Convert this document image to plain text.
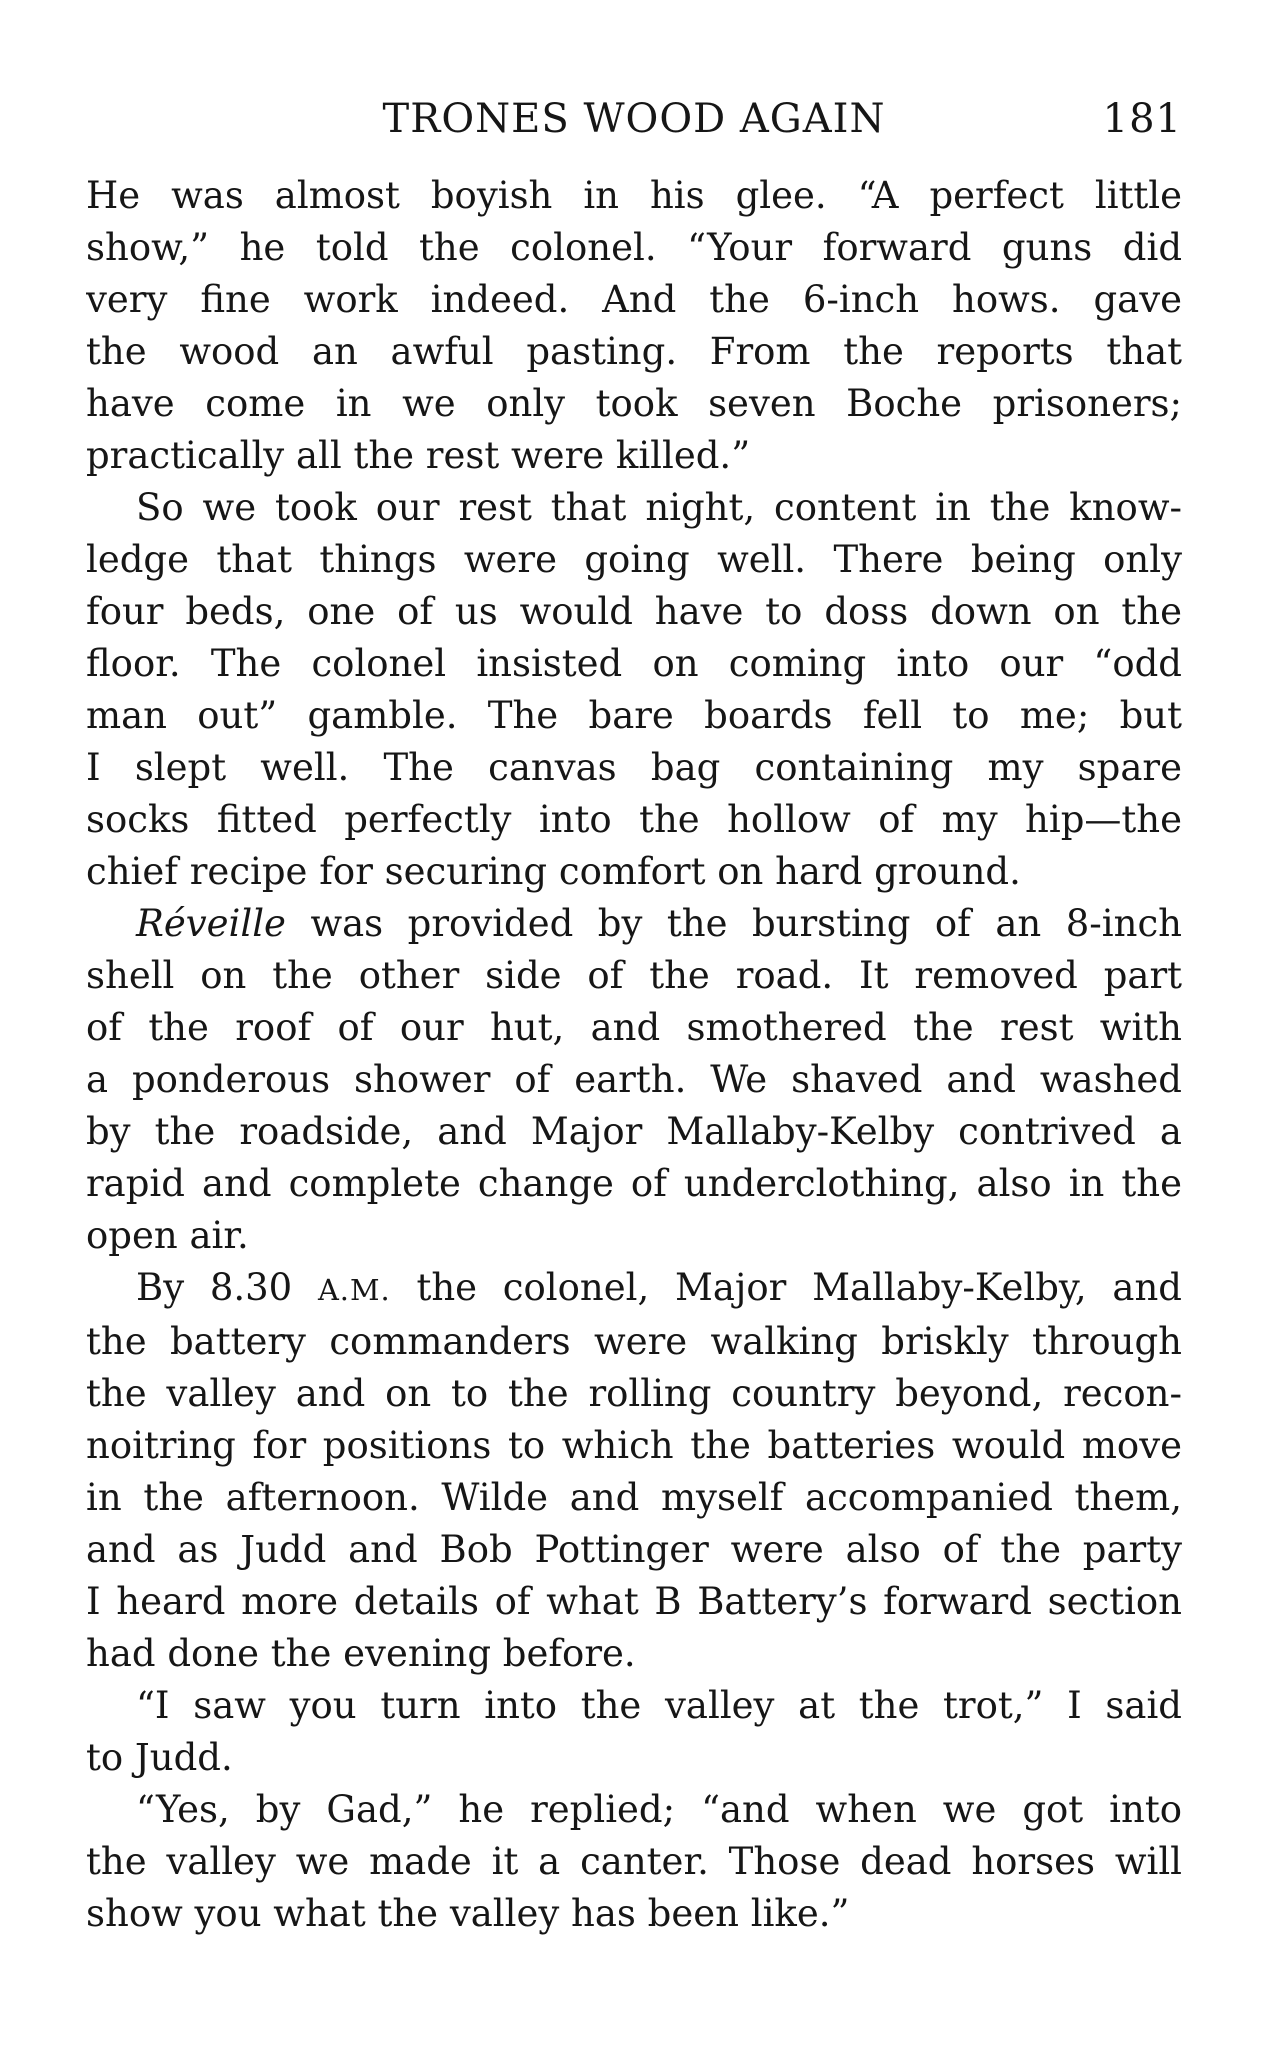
TRONES WOOD AGAIN	181
He was almost boyish in his glee. “A perfect little
show,” he told the colonel. “Your forward guns did
very fine work indeed. And the 6-inch hows. gave
the wood an awful pasting. From the reports that
have come in we only took seven Boche prisoners;
practically all the rest were killed.”
So we took our rest that night, content in the know-
ledge that things were going well. There being only
four beds, one of us would have to doss down on the
floor. The colonel insisted on coming into our “odd
man out” gamble. The bare boards fell to me; but
I slept well. The canvas bag containing my spare
socks fitted perfectly into the hollow of my hip—the
chief recipe for securing comfort on hard ground.
Réveille was provided by the bursting of an 8-inch
shell on the other side of the road. It removed part
of the roof of our hut, and smothered the rest with
a ponderous shower of earth. We shaved and washed
by the roadside, and Major Mallaby-Kelby contrived a
rapid and complete change of underclothing, also in the
open air.
By 8.30 A.M. the colonel, Major Mallaby-Kelby, and
the battery commanders were walking briskly through
the valley and on to the rolling country beyond, recon-
noitring for positions to which the batteries would move
in the afternoon. Wilde and myself accompanied them,
and as Judd and Bob Pottinger were also of the party
I heard more details of what B Battery’s forward section
had done the evening before.
“I saw you turn into the valley at the trot,” I said
to Judd.
“Yes, by Gad,” he replied; “and when we got into
the valley we made it a canter. Those dead horses will
show you what the valley has been like.”
